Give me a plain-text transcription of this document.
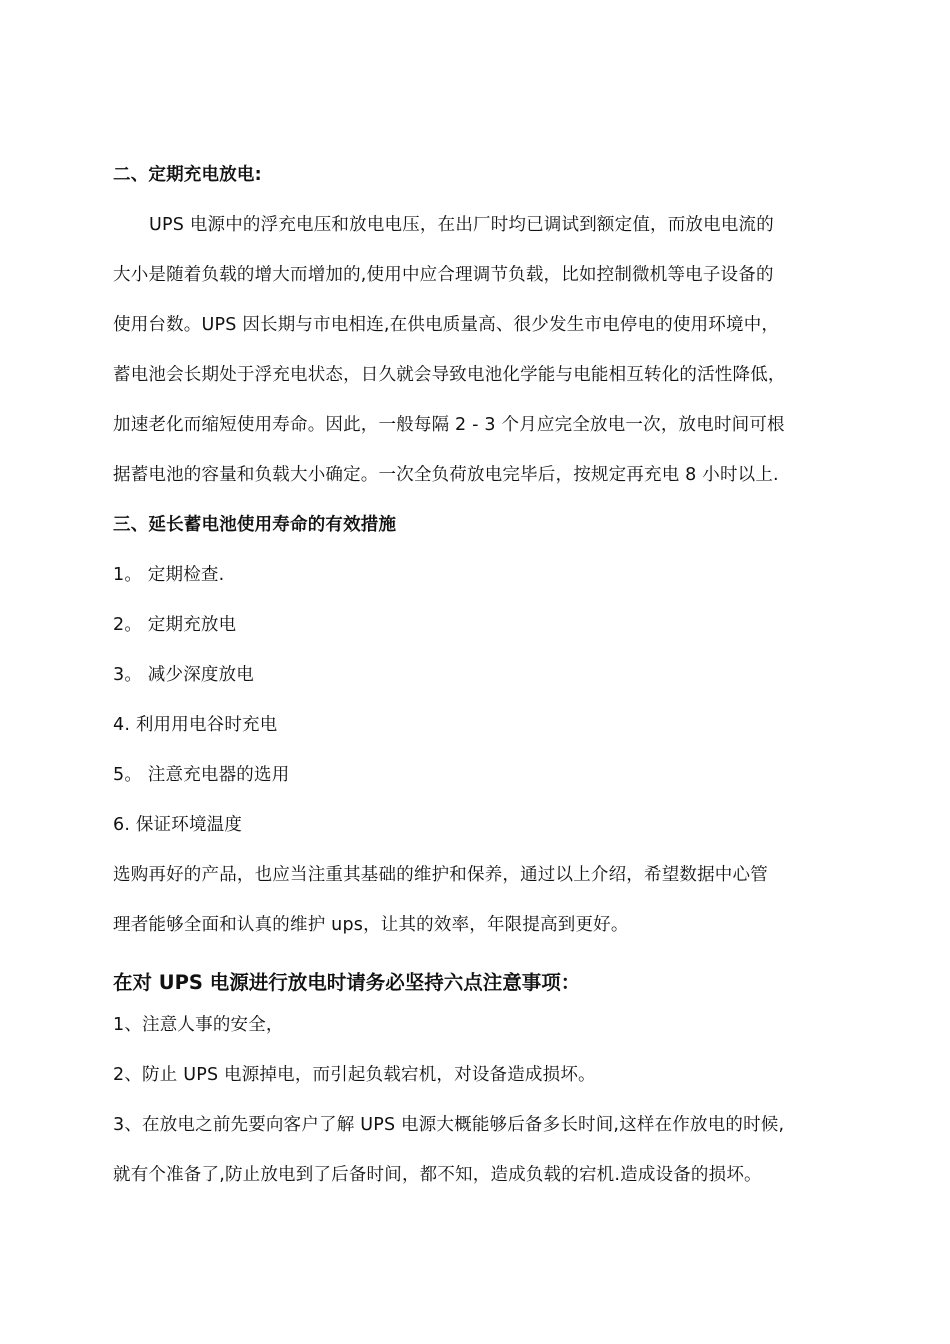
二、定期充电放电:
UPS 电源中的浮充电压和放电电压，在出厂时均已调试到额定值，而放电电流的
大小是随着负载的增大而增加的,使用中应合理调节负载，比如控制微机等电子设备的
使用台数。UPS 因长期与市电相连,在供电质量高、很少发生市电停电的使用环境中，
蓄电池会长期处于浮充电状态，日久就会导致电池化学能与电能相互转化的活性降低，
加速老化而缩短使用寿命。因此，一般每隔 2 - 3 个月应完全放电一次，放电时间可根
据蓄电池的容量和负载大小确定。一次全负荷放电完毕后，按规定再充电 8 小时以上.
三、延长蓄电池使用寿命的有效措施
1。 定期检查.
2。 定期充放电
3。 减少深度放电
4. 利用用电谷时充电
5。 注意充电器的选用
6. 保证环境温度
选购再好的产品，也应当注重其基础的维护和保养，通过以上介绍，希望数据中心管
理者能够全面和认真的维护 ups，让其的效率，年限提高到更好。
在对 UPS 电源进行放电时请务必坚持六点注意事项：
1、注意人事的安全，
2、防止 UPS 电源掉电，而引起负载宕机，对设备造成损坏。
3、在放电之前先要向客户了解 UPS 电源大概能够后备多长时间,这样在作放电的时候,
就有个准备了,防止放电到了后备时间，都不知，造成负载的宕机.造成设备的损坏。
